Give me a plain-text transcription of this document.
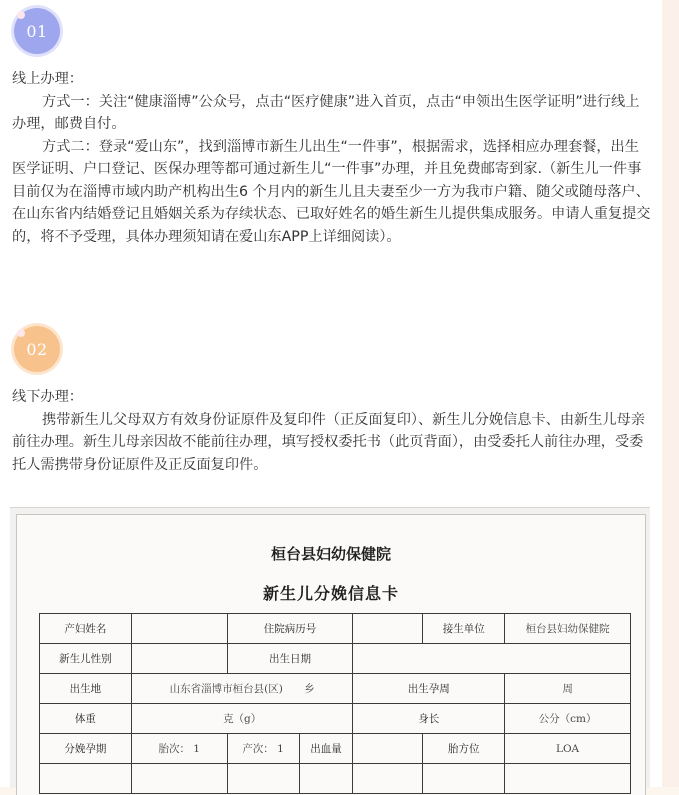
01

线上办理：

方式一：关注“健康淄博”公众号，点击“医疗健康”进入首页，点击“申领出生医学证明”进行线上办理，邮费自付。

方式二：登录“爱山东”，找到淄博市新生儿出生“一件事”，根据需求，选择相应办理套餐，出生医学证明、户口登记、医保办理等都可通过新生儿“一件事”办理，并且免费邮寄到家.（新生儿一件事目前仅为在淄博市域内助产机构出生6 个月内的新生儿且夫妻至少一方为我市户籍、随父或随母落户、在山东省内结婚登记且婚姻关系为存续状态、已取好姓名的婚生新生儿提供集成服务。申请人重复提交的，将不予受理，具体办理须知请在爱山东APP上详细阅读）。

02

线下办理：

携带新生儿父母双方有效身份证原件及复印件（正反面复印）、新生儿分娩信息卡、由新生儿母亲前往办理。新生儿母亲因故不能前往办理，填写授权委托书（此页背面），由受委托人前往办理，受委托人需携带身份证原件及正反面复印件。

桓台县妇幼保健院
新生儿分娩信息卡
产妇姓名		住院病历号			接生单位	桓台县妇幼保健院
新生儿性别		出生日期				
出生地	山东省淄博市桓台县(区) 乡			出生孕周		周
体重	克（g）			身长		公分（cm）
分娩孕期	胎次： 1	产次： 1	出血量		胎方位	LOA
